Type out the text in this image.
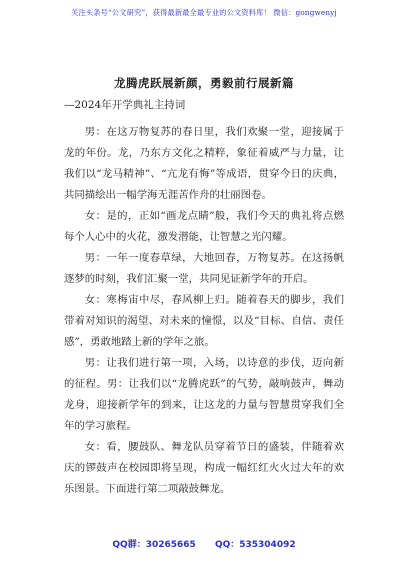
关注头条号“公文研究”，获得最新最全最专业的公文资料库！ 微信：gongwenyj
龙腾虎跃展新颜，勇毅前行展新篇
—2024年开学典礼主持词

男：在这万物复苏的春日里，我们欢聚一堂，迎接属于龙的年份。龙，乃东方文化之精粹，象征着威严与力量，让我们以“龙马精神”、“亢龙有悔”等成语，贯穿今日的庆典，共同描绘出一幅学海无涯苦作舟的壮丽图卷。

女：是的，正如“画龙点睛”般，我们今天的典礼将点燃每个人心中的火花，激发潜能，让智慧之光闪耀。

男：一年一度春草绿，大地回春，万物复苏。在这扬帆逐梦的时刻，我们汇聚一堂，共同见证新学年的开启。

女：寒梅宙中尽，春风柳上归。随着春天的脚步，我们带着对知识的渴望、对未来的憧憬，以及“目标、自信、责任感”，勇敢地踏上新的学年之旅。

男：让我们进行第一项，入场，以诗意的步伐，迈向新的征程。男：让我们以“龙腾虎跃”的气势，敲响鼓声，舞动龙身，迎接新学年的到来，让这龙的力量与智慧贯穿我们全年的学习旅程。

女：看，腰鼓队、舞龙队员穿着节日的盛装，伴随着欢庆的锣鼓声在校园即将呈现，构成一幅红红火火过大年的欢乐图景。下面进行第二项敲鼓舞龙。

QQ群：30265665 QQ：535304092
